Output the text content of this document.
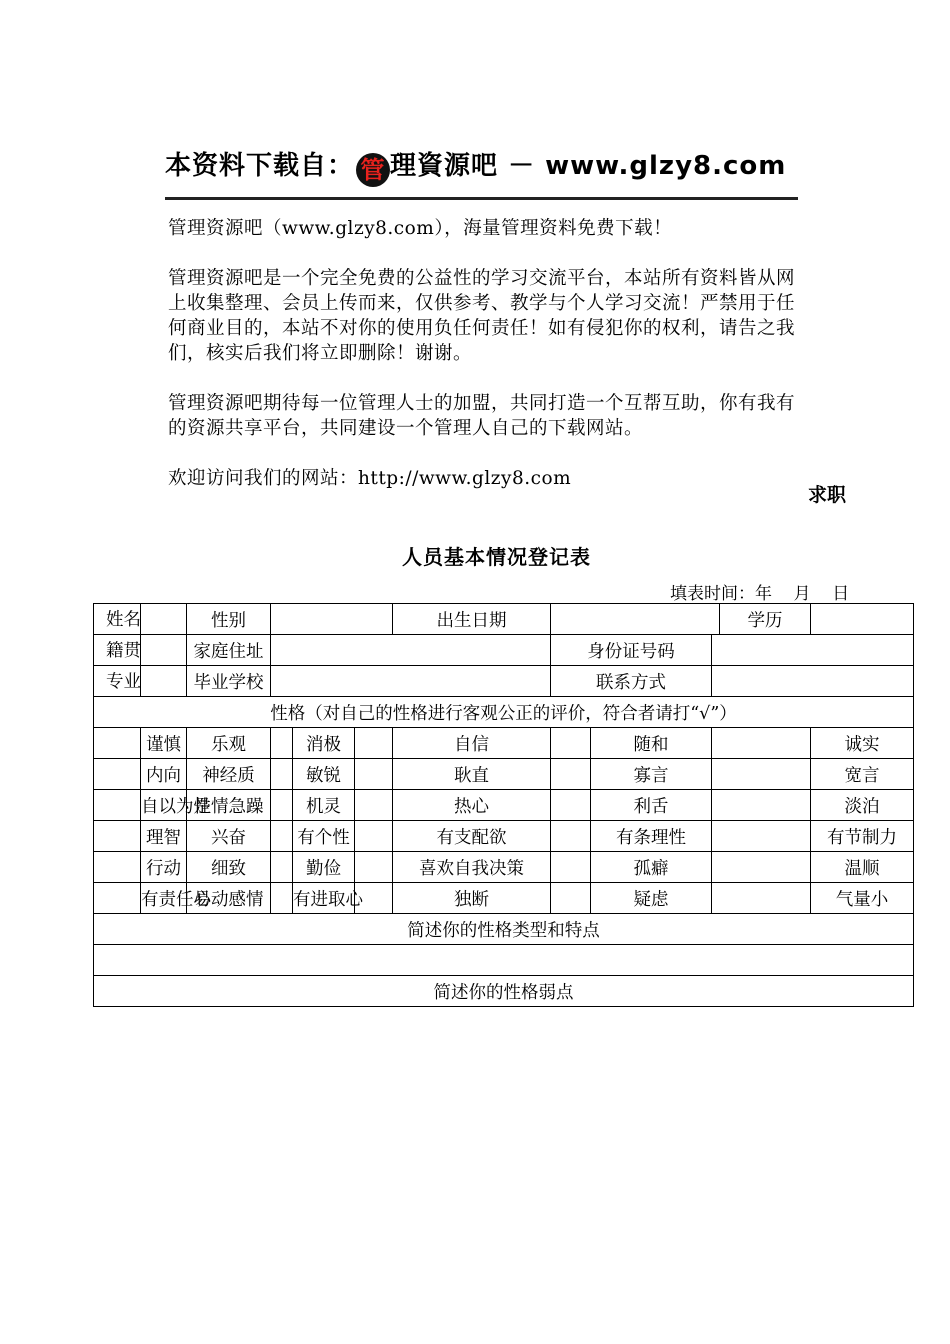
本资料下载自： 管 理資源吧 － www.glzy8.com
管理资源吧（www.glzy8.com），海量管理资料免费下载！
管理资源吧是一个完全免费的公益性的学习交流平台，本站所有资料皆从网上收集整理、会员上传而来，仅供参考、教学与个人学习交流！严禁用于任何商业目的，本站不对你的使用负任何责任！如有侵犯你的权利，请告之我们，核实后我们将立即删除！谢谢。
管理资源吧期待每一位管理人士的加盟，共同打造一个互帮互助，你有我有的资源共享平台，共同建设一个管理人自己的下载网站。
欢迎访问我们的网站：http://www.glzy8.com
求职
人员基本情况登记表
填表时间：年    月    日
姓名		性别				出生日期				学历	

籍贯		家庭住址					身份证号码				

专业		毕业学校					联系方式				
性格（对自己的性格进行客观公正的评价，符合者请打“√”）											

	谨慎	乐观		消极		自信		随和			诚实

	内向	神经质		敏锐		耿直		寡言			宽言

	自以为是	性情急躁		机灵		热心		利舌			淡泊

	理智	兴奋		有个性		有支配欲		有条理性			有节制力

	行动	细致		勤俭		喜欢自我决策		孤癖			温顺

	有责任心	易动感情		有进取心		独断		疑虑			气量小

简述你的性格类型和特点											

简述你的性格弱点											
